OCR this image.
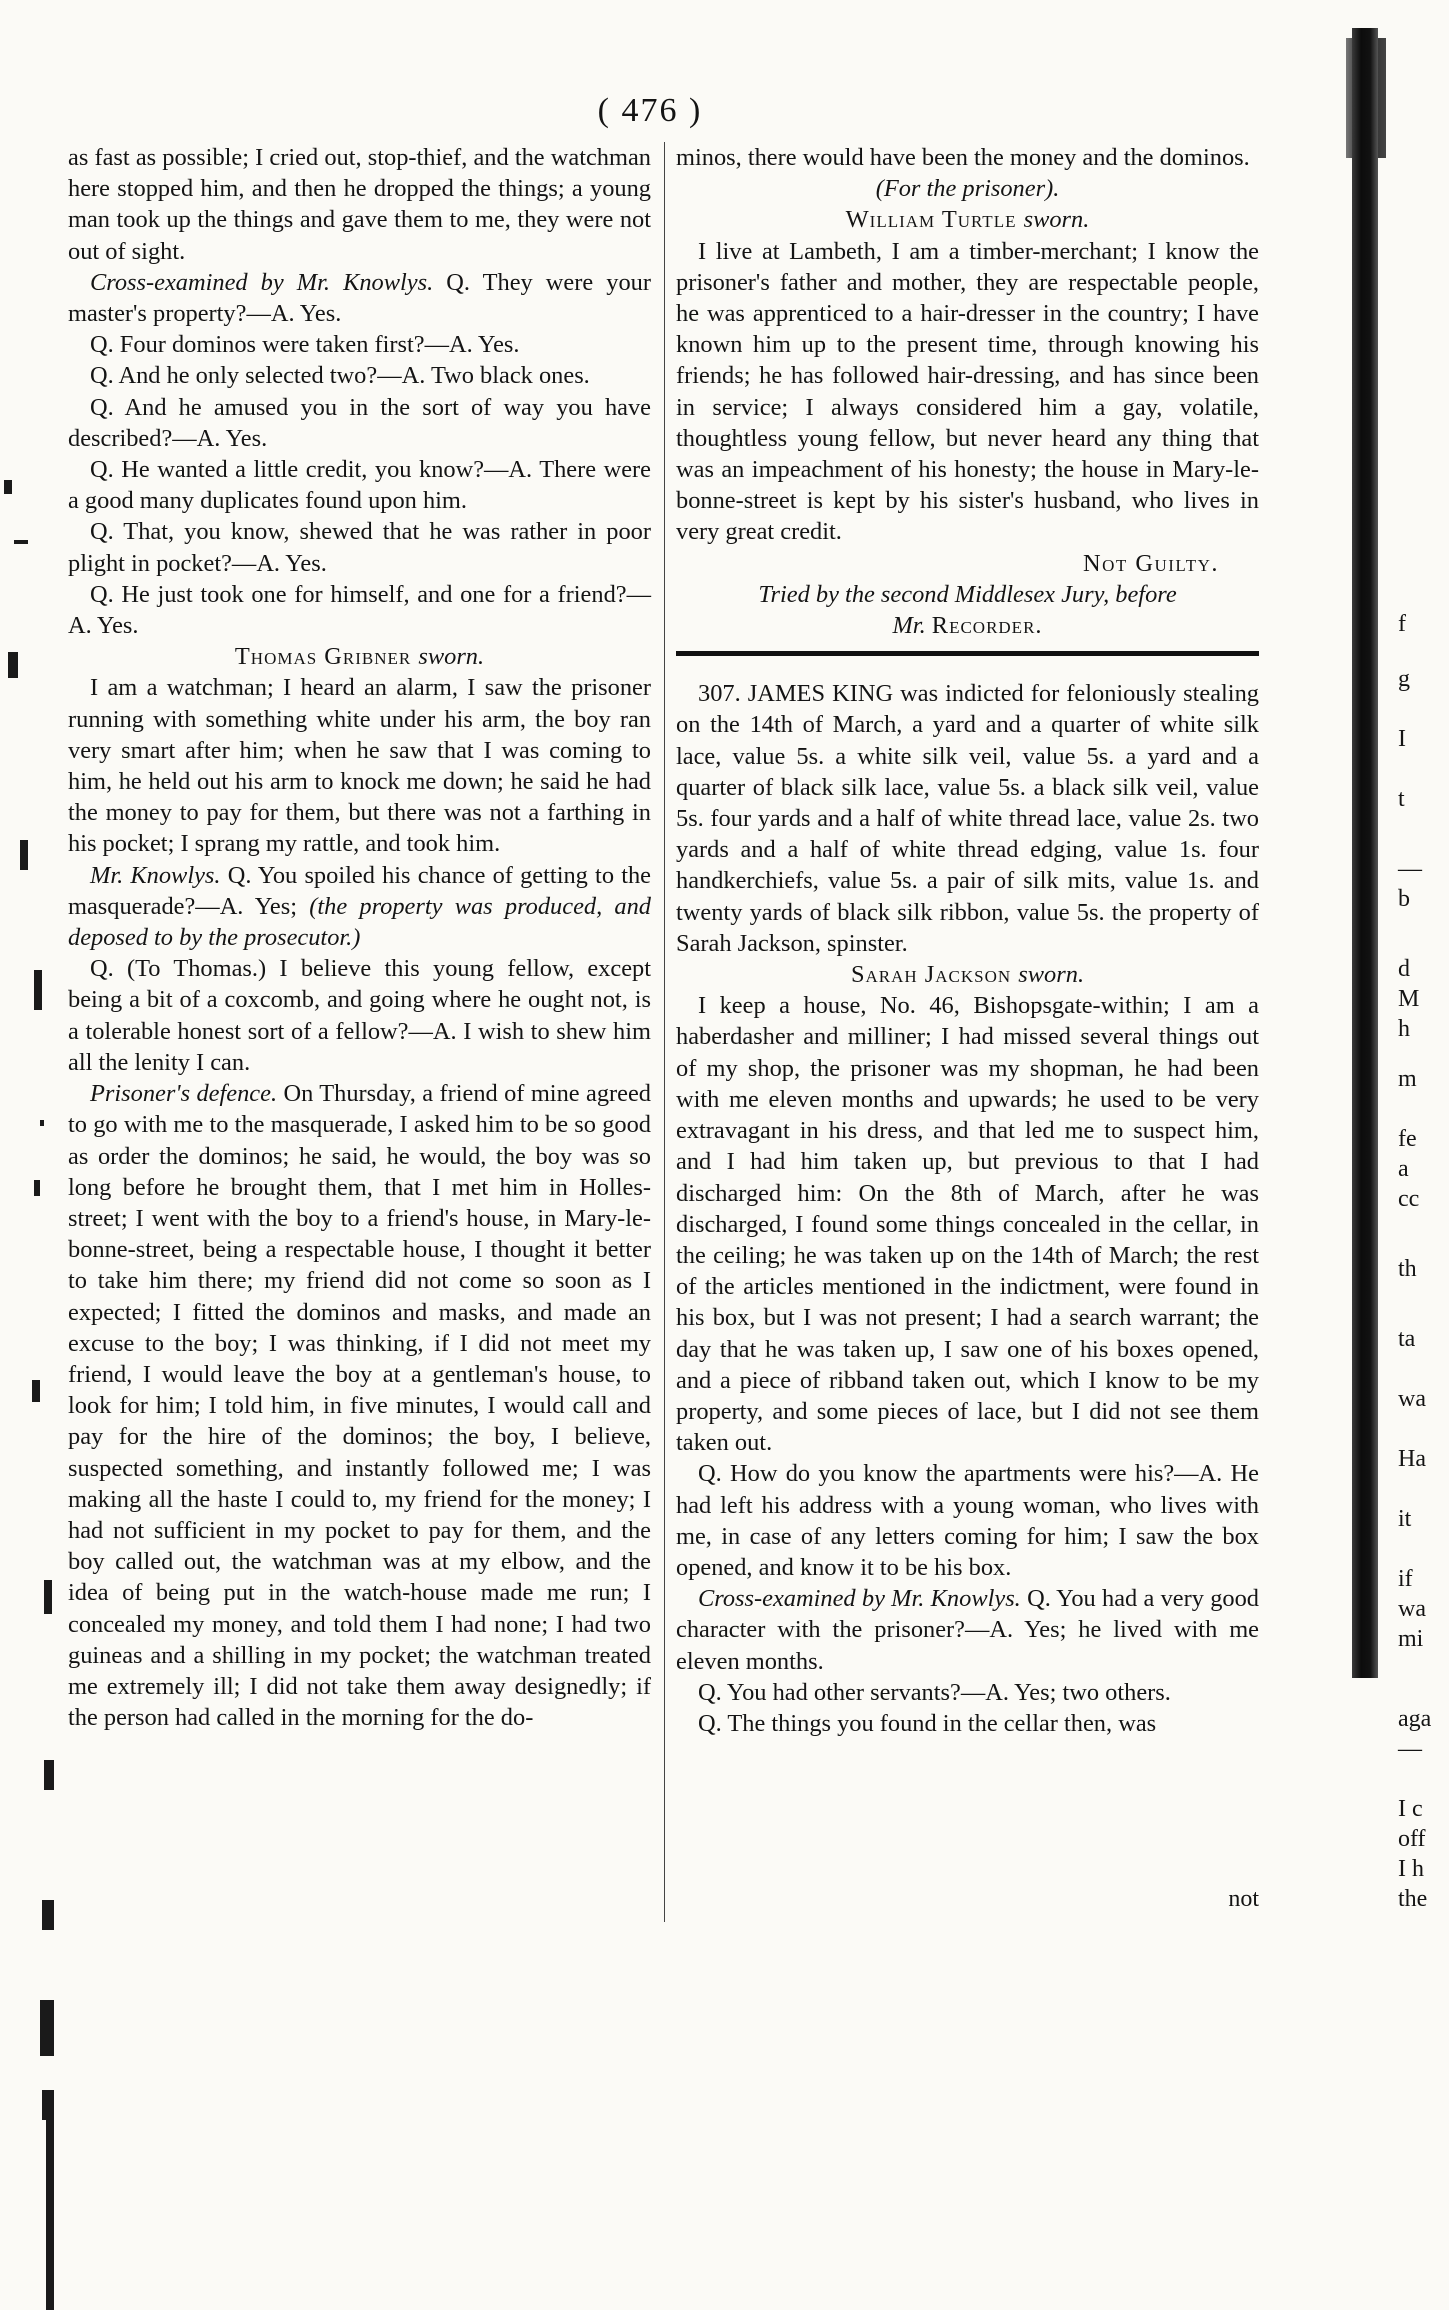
f
g
I
t
—
b
d
M
h
m
fe
a
cc
th
ta
wa
Ha
it
if
wa
mi
aga
—
I c
off
I h
the
( 476 )

as fast as possible; I cried out, stop-thief, and the watchman here stopped him, and then he dropped the things; a young man took up the things and gave them to me, they were not out of sight.

Cross-examined by Mr. Knowlys. Q. They were your master's property?—A. Yes.

Q. Four dominos were taken first?—A. Yes.

Q. And he only selected two?—A. Two black ones.

Q. And he amused you in the sort of way you have described?—A. Yes.

Q. He wanted a little credit, you know?—A. There were a good many duplicates found upon him.

Q. That, you know, shewed that he was rather in poor plight in pocket?—A. Yes.

Q. He just took one for himself, and one for a friend?—A. Yes.

Thomas Gribner sworn.

I am a watchman; I heard an alarm, I saw the prisoner running with something white under his arm, the boy ran very smart after him; when he saw that I was coming to him, he held out his arm to knock me down; he said he had the money to pay for them, but there was not a farthing in his pocket; I sprang my rattle, and took him.

Mr. Knowlys. Q. You spoiled his chance of getting to the masquerade?—A. Yes; (the property was produced, and deposed to by the prosecutor.)

Q. (To Thomas.) I believe this young fellow, except being a bit of a coxcomb, and going where he ought not, is a tolerable honest sort of a fellow?—A. I wish to shew him all the lenity I can.

Prisoner's defence. On Thursday, a friend of mine agreed to go with me to the masquerade, I asked him to be so good as order the dominos; he said, he would, the boy was so long before he brought them, that I met him in Holles-street; I went with the boy to a friend's house, in Mary-le-bonne-street, being a respectable house, I thought it better to take him there; my friend did not come so soon as I expected; I fitted the dominos and masks, and made an excuse to the boy; I was thinking, if I did not meet my friend, I would leave the boy at a gentleman's house, to look for him; I told him, in five minutes, I would call and pay for the hire of the dominos; the boy, I believe, suspected something, and instantly followed me; I was making all the haste I could to, my friend for the money; I had not sufficient in my pocket to pay for them, and the boy called out, the watchman was at my elbow, and the idea of being put in the watch-house made me run; I concealed my money, and told them I had none; I had two guineas and a shilling in my pocket; the watchman treated me extremely ill; I did not take them away designedly; if the person had called in the morning for the do-

minos, there would have been the money and the dominos.

(For the prisoner).

William Turtle sworn.

I live at Lambeth, I am a timber-merchant; I know the prisoner's father and mother, they are respectable people, he was apprenticed to a hair-dresser in the country; I have known him up to the present time, through knowing his friends; he has followed hair-dressing, and has since been in service; I always considered him a gay, volatile, thoughtless young fellow, but never heard any thing that was an impeachment of his honesty; the house in Mary-le-bonne-street is kept by his sister's husband, who lives in very great credit.

Not Guilty.

Tried by the second Middlesex Jury, before

Mr. Recorder.

307. JAMES KING was indicted for feloniously stealing on the 14th of March, a yard and a quarter of white silk lace, value 5s. a white silk veil, value 5s. a yard and a quarter of black silk lace, value 5s. a black silk veil, value 5s. four yards and a half of white thread lace, value 2s. two yards and a half of white thread edging, value 1s. four handkerchiefs, value 5s. a pair of silk mits, value 1s. and twenty yards of black silk ribbon, value 5s. the property of Sarah Jackson, spinster.

Sarah Jackson sworn.

I keep a house, No. 46, Bishopsgate-within; I am a haberdasher and milliner; I had missed several things out of my shop, the prisoner was my shopman, he had been with me eleven months and upwards; he used to be very extravagant in his dress, and that led me to suspect him, and I had him taken up, but previous to that I had discharged him: On the 8th of March, after he was discharged, I found some things concealed in the cellar, in the ceiling; he was taken up on the 14th of March; the rest of the articles mentioned in the indictment, were found in his box, but I was not present; I had a search warrant; the day that he was taken up, I saw one of his boxes opened, and a piece of ribband taken out, which I know to be my property, and some pieces of lace, but I did not see them taken out.

Q. How do you know the apartments were his?—A. He had left his address with a young woman, who lives with me, in case of any letters coming for him; I saw the box opened, and know it to be his box.

Cross-examined by Mr. Knowlys. Q. You had a very good character with the prisoner?—A. Yes; he lived with me eleven months.

Q. You had other servants?—A. Yes; two others.

Q. The things you found in the cellar then, was

not
